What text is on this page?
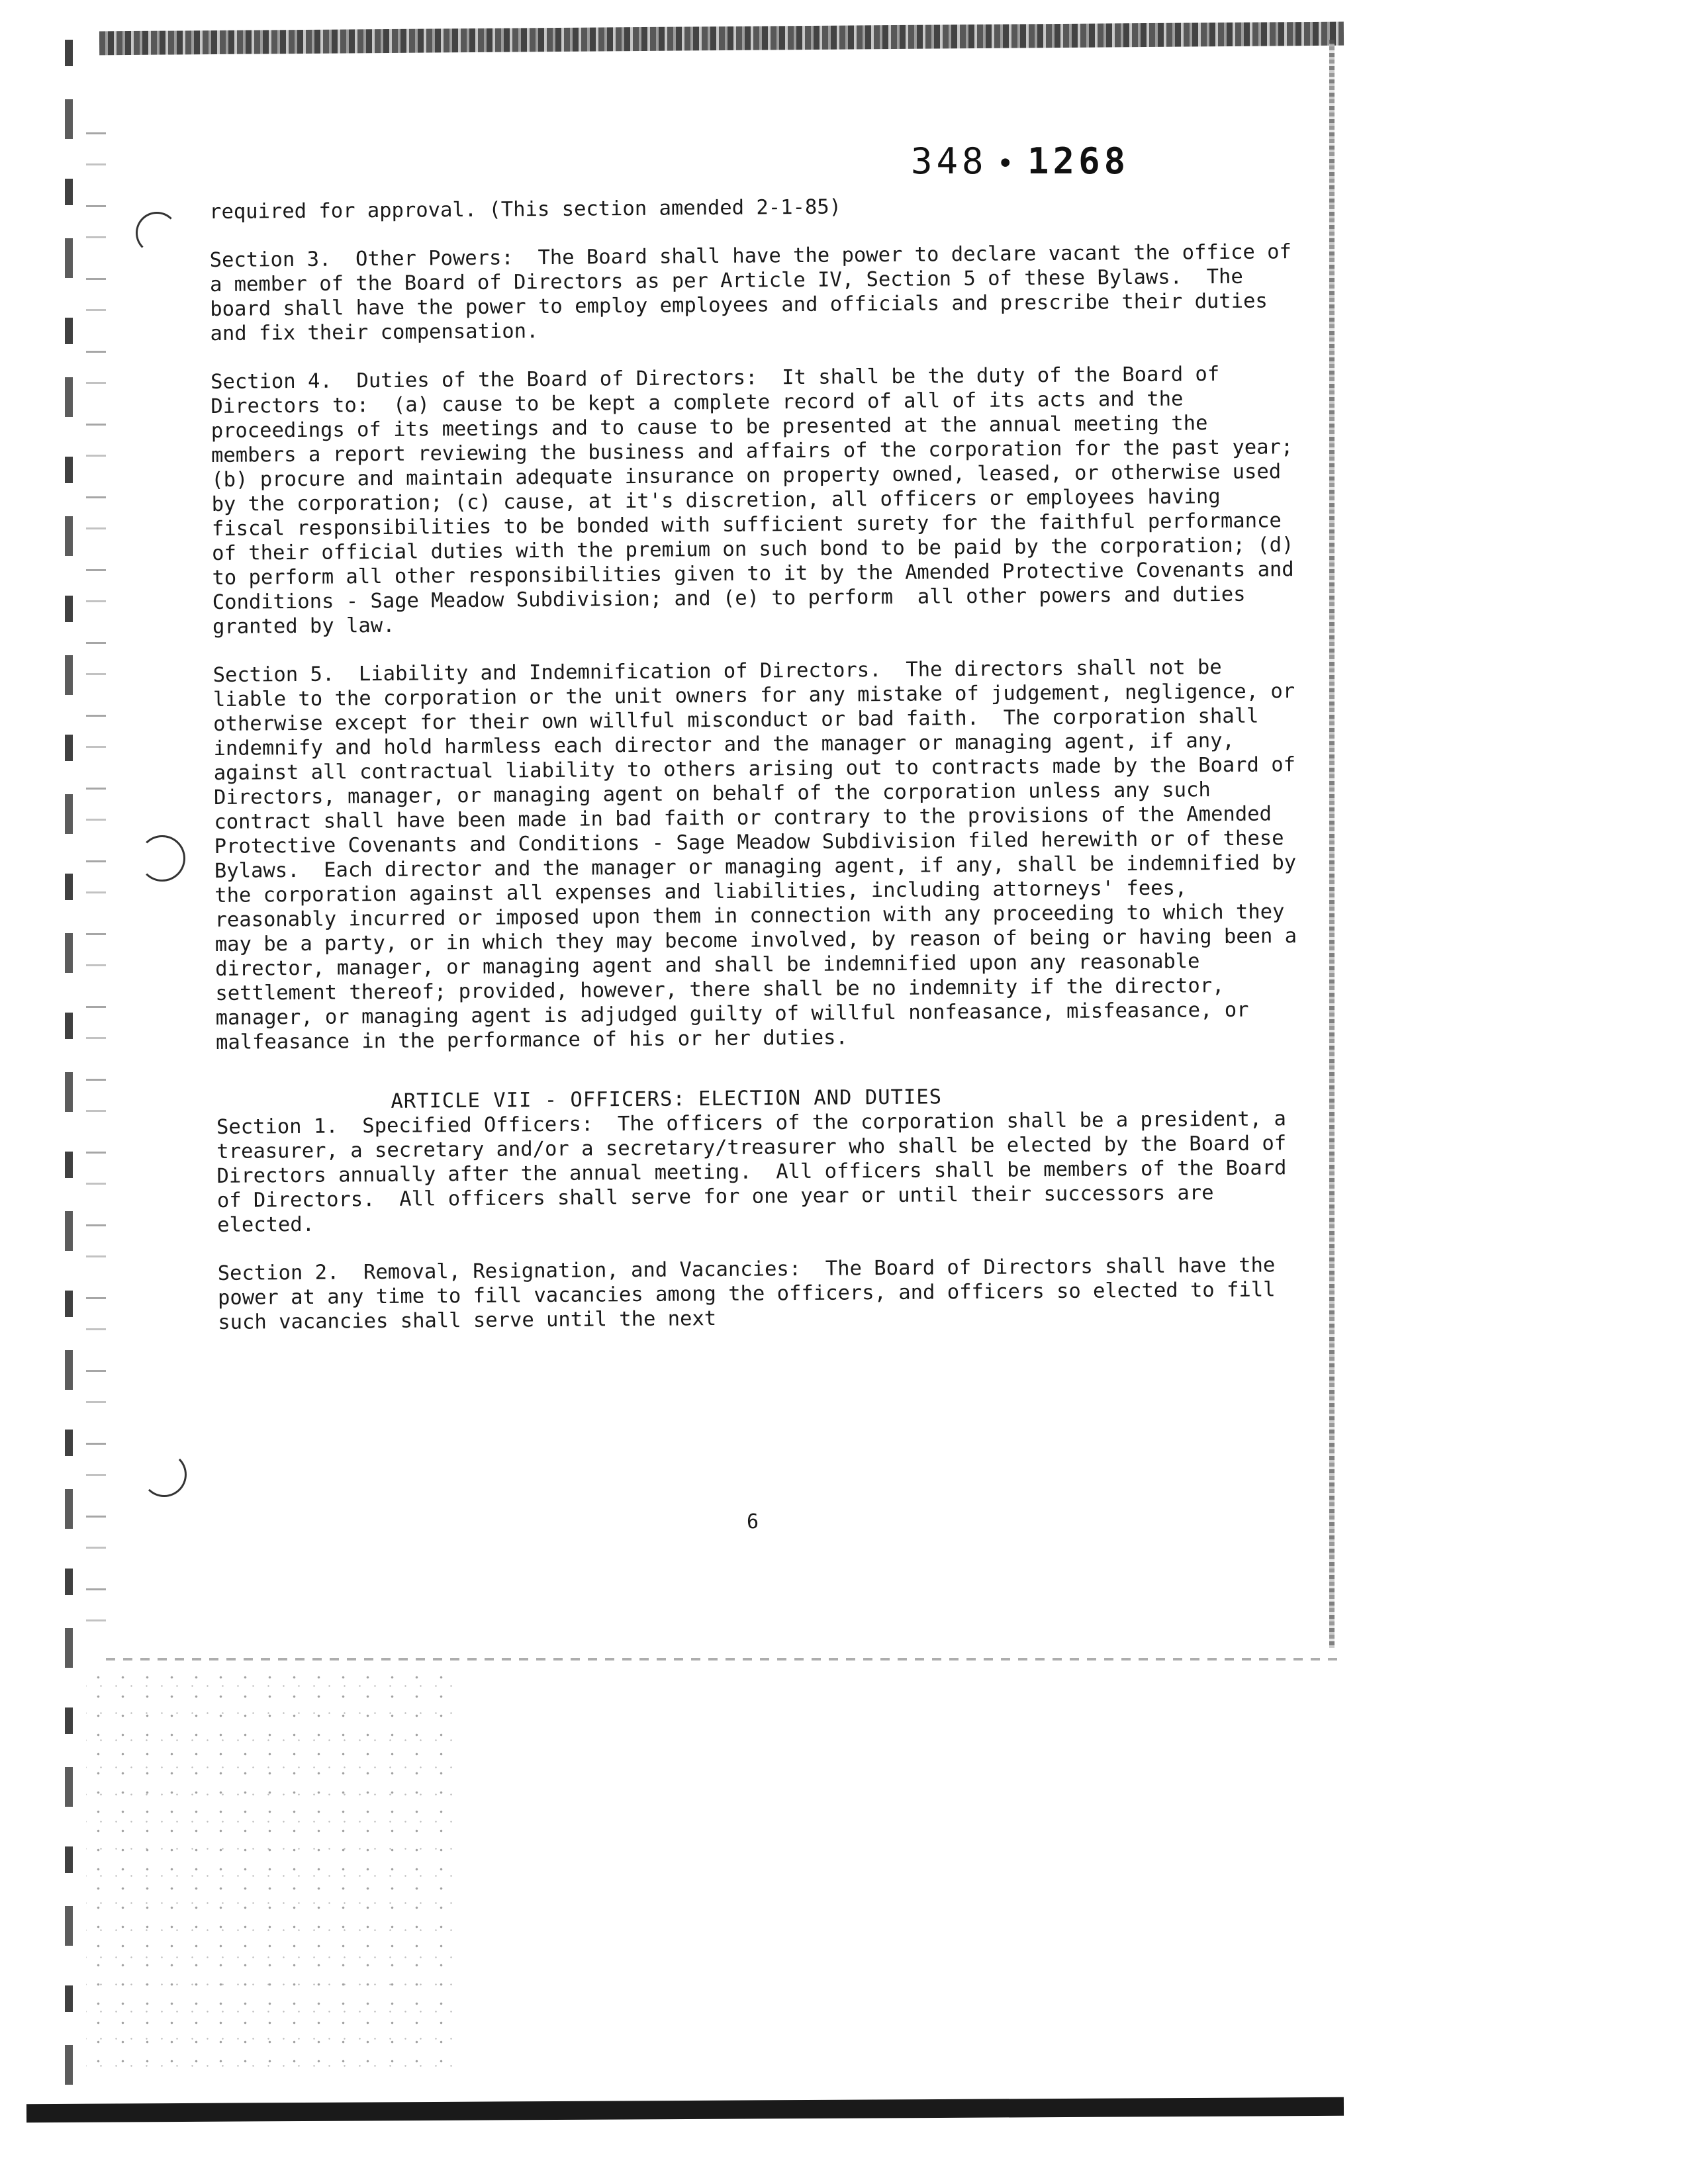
348 • 1268

required for approval. (This section amended 2-1-85)

Section 3.  Other Powers:  The Board shall have the power to declare vacant the office of a member of the Board of Directors as per Article IV, Section 5 of these Bylaws.  The board shall have the power to employ employees and officials and prescribe their duties and fix their compensation.

Section 4.  Duties of the Board of Directors:  It shall be the duty of the Board of Directors to:  (a) cause to be kept a complete record of all of its acts and the proceedings of its meetings and to cause to be presented at the annual meeting the members a report reviewing the business and affairs of the corporation for the past year; (b) procure and maintain adequate insurance on property owned, leased, or otherwise used by the corporation; (c) cause, at it's discretion, all officers or employees having fiscal responsibilities to be bonded with sufficient surety for the faithful performance of their official duties with the premium on such bond to be paid by the corporation; (d) to perform all other responsibilities given to it by the Amended Protective Covenants and Conditions - Sage Meadow Subdivision; and (e) to perform  all other powers and duties granted by law.

Section 5.  Liability and Indemnification of Directors.  The directors shall not be liable to the corporation or the unit owners for any mistake of judgement, negligence, or otherwise except for their own willful misconduct or bad faith.  The corporation shall indemnify and hold harmless each director and the manager or managing agent, if any, against all contractual liability to others arising out to contracts made by the Board of Directors, manager, or managing agent on behalf of the corporation unless any such contract shall have been made in bad faith or contrary to the provisions of the Amended Protective Covenants and Conditions - Sage Meadow Subdivision filed herewith or of these Bylaws.  Each director and the manager or managing agent, if any, shall be indemnified by the corporation against all expenses and liabilities, including attorneys' fees, reasonably incurred or imposed upon them in connection with any proceeding to which they may be a party, or in which they may become involved, by reason of being or having been a director, manager, or managing agent and shall be indemnified upon any reasonable settlement thereof; provided, however, there shall be no indemnity if the director, manager, or managing agent is adjudged guilty of willful nonfeasance, misfeasance, or malfeasance in the performance of his or her duties.

ARTICLE VII - OFFICERS: ELECTION AND DUTIES

Section 1.  Specified Officers:  The officers of the corporation shall be a president, a treasurer, a secretary and/or a secretary/treasurer who shall be elected by the Board of Directors annually after the annual meeting.  All officers shall be members of the Board of Directors.  All officers shall serve for one year or until their successors are elected.

Section 2.  Removal, Resignation, and Vacancies:  The Board of Directors shall have the power at any time to fill vacancies among the officers, and officers so elected to fill such vacancies shall serve until the next

6
